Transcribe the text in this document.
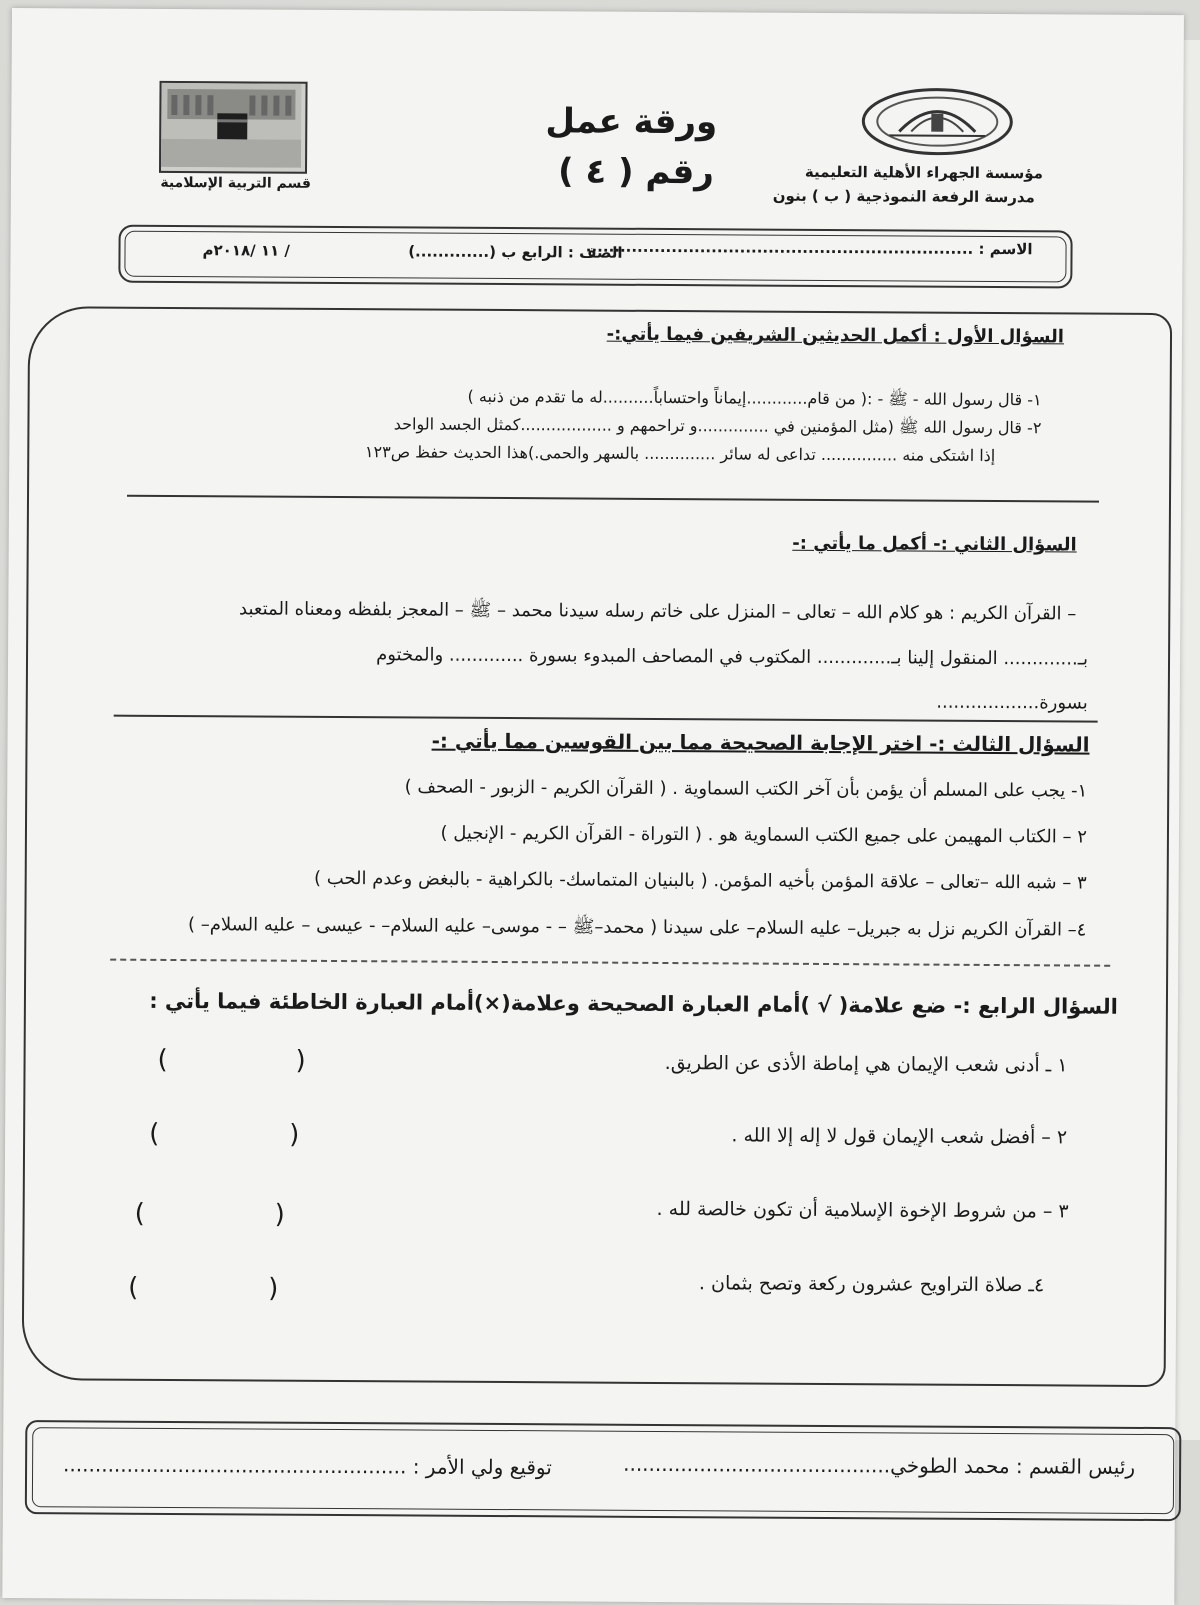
مؤسسة الجهراء الأهلية التعليمية
مدرسة الرفعة النموذجية ( ب ) بنون
ورقة عمل
رقم ( ٤ )
قسم التربية الإسلامية
الاسم : ....................................................................
الصف : الرابع ب (.............)
/ ١١ /٢٠١٨م
السؤال الأول : أكمل الحديثين الشريفين فيما يأتي:-
١- قال رسول الله - ﷺ - :( من قام............إيماناً واحتساباً..........له ما تقدم من ذنبه )
٢- قال رسول الله ﷺ (مثل المؤمنين في ..............و تراحمهم و ..................كمثل الجسد الواحد
إذا اشتكى منه ............... تداعى له سائر .............. بالسهر والحمى.)هذا الحديث حفظ ص١٢٣
السؤال الثاني :- أكمل ما يأتي :-
– القرآن الكريم : هو كلام الله – تعالى – المنزل على خاتم رسله سيدنا محمد – ﷺ – المعجز بلفظه ومعناه المتعبد
بـ............. المنقول إلينا بـ............. المكتوب في المصاحف المبدوء بسورة ............. والمختوم
بسورة..................
السؤال الثالث :- اختر الإجابة الصحيحة مما بين القوسين مما يأتي :-
١- يجب على المسلم أن يؤمن بأن آخر الكتب السماوية . ( القرآن الكريم - الزبور - الصحف )
٢ – الكتاب المهيمن على جميع الكتب السماوية هو . ( التوراة - القرآن الكريم - الإنجيل )
٣ – شبه الله –تعالى – علاقة المؤمن بأخيه المؤمن. ( بالبنيان المتماسك- بالكراهية - بالبغض وعدم الحب )
٤– القرآن الكريم نزل به جبريل– عليه السلام– على سيدنا ( محمد–ﷺ – - موسى– عليه السلام– - عيسى – عليه السلام– )
السؤال الرابع :- ضع علامة( √ )أمام العبارة الصحيحة وعلامة(×)أمام العبارة الخاطئة فيما يأتي :
١ ـ أدنى شعب الإيمان هي إماطة الأذى عن الطريق.
(	)
٢ – أفضل شعب الإيمان قول لا إله إلا الله .
(	)
٣ – من شروط الإخوة الإسلامية أن تكون خالصة لله .
(	)
٤ـ صلاة التراويح عشرون ركعة وتصح بثمان .
(	)
رئيس القسم : محمد الطوخي..........................................
توقيع ولي الأمر : ......................................................
